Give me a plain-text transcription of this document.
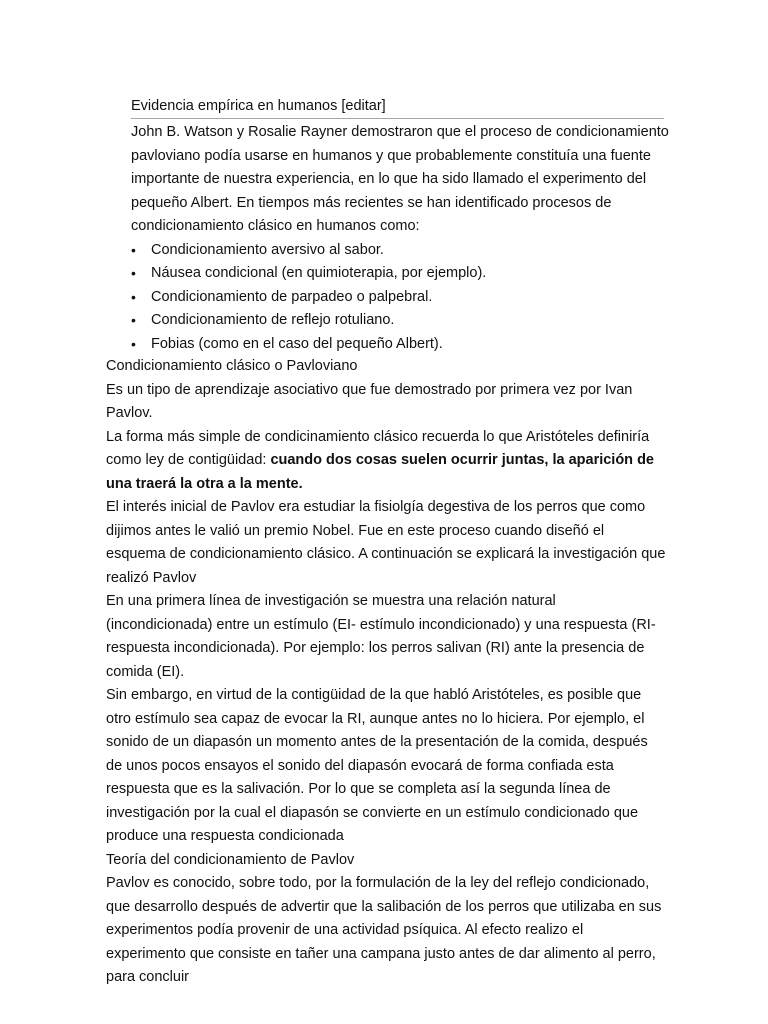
Evidencia empírica en humanos [editar]

John B. Watson y Rosalie Rayner demostraron que el proceso de condicionamiento pavloviano podía usarse en humanos y que probablemente constituía una fuente importante de nuestra experiencia, en lo que ha sido llamado el experimento del pequeño Albert. En tiempos más recientes se han identificado procesos de condicionamiento clásico en humanos como:

• Condicionamiento aversivo al sabor.
• Náusea condicional (en quimioterapia, por ejemplo).
• Condicionamiento de parpadeo o palpebral.
• Condicionamiento de reflejo rotuliano.
• Fobias (como en el caso del pequeño Albert).

Condicionamiento clásico o Pavloviano

Es un tipo de aprendizaje asociativo que fue demostrado por primera vez por Ivan Pavlov.

La forma más simple de condicinamiento clásico recuerda lo que Aristóteles definiría como ley de contigüidad: cuando dos cosas suelen ocurrir juntas, la aparición de una traerá la otra a la mente.

El interés inicial de Pavlov era estudiar la fisiolgía degestiva de los perros que como dijimos antes le valió un premio Nobel. Fue en este proceso cuando diseñó el esquema de condicionamiento clásico. A continuación se explicará la investigación que realizó Pavlov

En una primera línea de investigación se muestra una relación natural (incondicionada) entre un estímulo (EI- estímulo incondicionado) y una respuesta (RI- respuesta incondicionada). Por ejemplo: los perros salivan (RI) ante la presencia de comida (EI).

Sin embargo, en virtud de la contigüidad de la que habló Aristóteles, es posible que otro estímulo sea capaz de evocar la RI, aunque antes no lo hiciera. Por ejemplo, el sonido de un diapasón un momento antes de la presentación de la comida, después de unos pocos ensayos el sonido del diapasón evocará de forma confiada esta respuesta que es la salivación. Por lo que se completa así la segunda línea de investigación por la cual el diapasón se convierte en un estímulo condicionado que produce una respuesta condicionada

Teoría del condicionamiento de Pavlov

Pavlov es conocido, sobre todo, por la formulación de la ley del reflejo condicionado, que desarrollo después de advertir que la salibación de los perros que utilizaba en sus experimentos podía provenir de una actividad psíquica. Al efecto realizo el experimento que consiste en tañer una campana justo antes de dar alimento al perro, para concluir
